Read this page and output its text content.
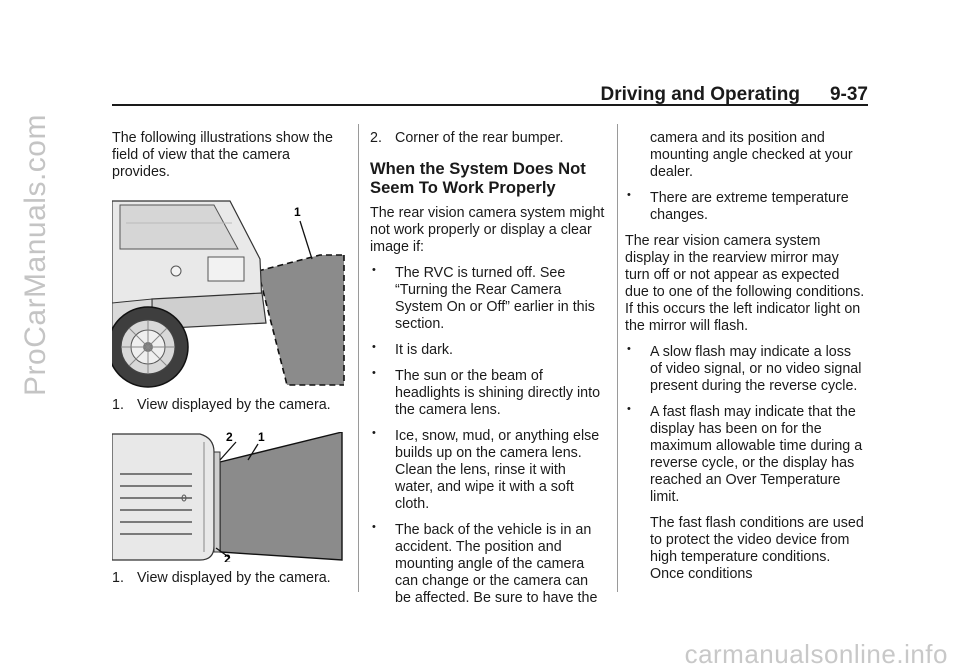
ProCarManuals.com
Driving and Operating 9-37

The following illustrations show the field of view that the camera provides.

1
1. View displayed by the camera.
2 1
2
1. View displayed by the camera.
2. Corner of the rear bumper.
When the System Does Not Seem To Work Properly

The rear vision camera system might not work properly or display a clear image if:

• The RVC is turned off. See “Turning the Rear Camera System On or Off” earlier in this section.
• It is dark.
• The sun or the beam of headlights is shining directly into the camera lens.
• Ice, snow, mud, or anything else builds up on the camera lens. Clean the lens, rinse it with water, and wipe it with a soft cloth.
• The back of the vehicle is in an accident. The position and mounting angle of the camera can change or the camera can be affected. Be sure to have the
camera and its position and mounting angle checked at your dealer.
• There are extreme temperature changes.

The rear vision camera system display in the rearview mirror may turn off or not appear as expected due to one of the following conditions. If this occurs the left indicator light on the mirror will flash.

• A slow flash may indicate a loss of video signal, or no video signal present during the reverse cycle.
• A fast flash may indicate that the display has been on for the maximum allowable time during a reverse cycle, or the display has reached an Over Temperature limit.
The fast flash conditions are used to protect the video device from high temperature conditions. Once conditions
carmanualsonline.info
